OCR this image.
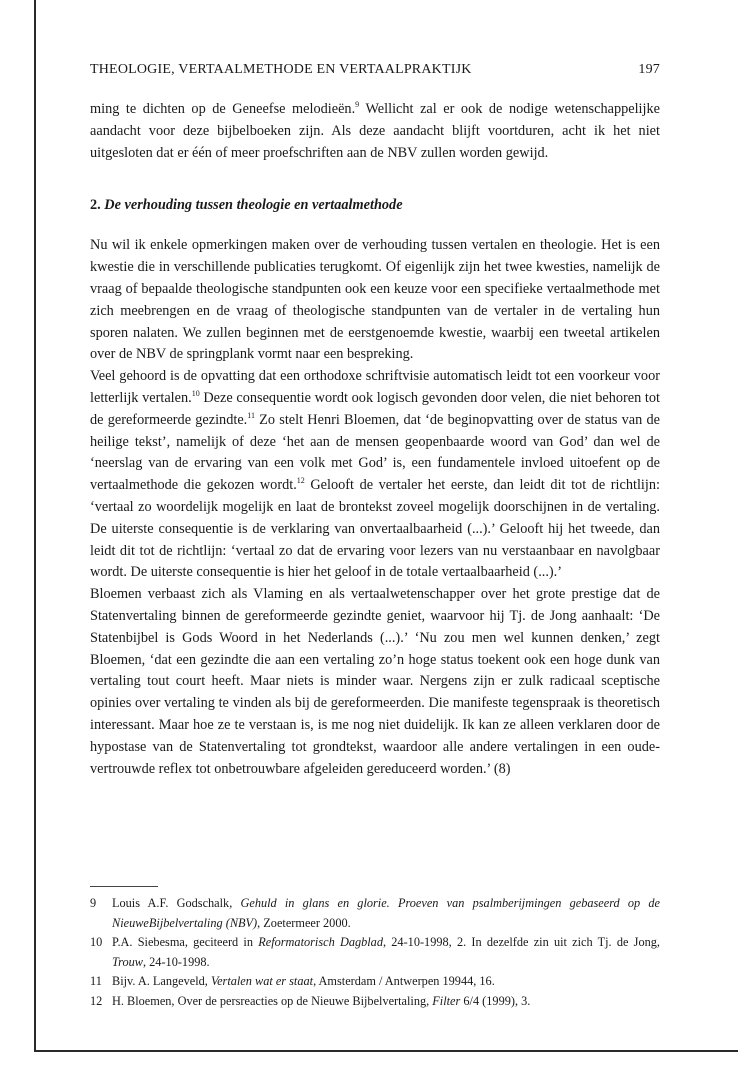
THEOLOGIE, VERTAALMETHODE EN VERTAALPRAKTIJK	197

ming te dichten op de Geneefse melodieën.$^9$ Wellicht zal er ook de nodige wetenschappelijke aandacht voor deze bijbelboeken zijn. Als deze aandacht blijft voortduren, acht ik het niet uitgesloten dat er één of meer proefschriften aan de NBV zullen worden gewijd.

2. De verhouding tussen theologie en vertaalmethode

Nu wil ik enkele opmerkingen maken over de verhouding tussen vertalen en theologie. Het is een kwestie die in verschillende publicaties terugkomt. Of eigenlijk zijn het twee kwesties, namelijk de vraag of bepaalde theologische standpunten ook een keuze voor een specifieke vertaalmethode met zich meebrengen en de vraag of theologische standpunten van de vertaler in de vertaling hun sporen nalaten. We zullen beginnen met de eerstgenoemde kwestie, waarbij een tweetal artikelen over de NBV de springplank vormt naar een bespreking.

Veel gehoord is de opvatting dat een orthodoxe schriftvisie automatisch leidt tot een voorkeur voor letterlijk vertalen.$^{10}$ Deze consequentie wordt ook logisch gevonden door velen, die niet behoren tot de gereformeerde gezindte.$^{11}$ Zo stelt Henri Bloemen, dat ‘de beginopvatting over de status van de heilige tekst’, namelijk of deze ‘het aan de mensen geopenbaarde woord van God’ dan wel de ‘neerslag van de ervaring van een volk met God’ is, een fundamentele invloed uitoefent op de vertaalmethode die gekozen wordt.$^{12}$ Gelooft de vertaler het eerste, dan leidt dit tot de richtlijn: ‘vertaal zo woordelijk mogelijk en laat de brontekst zoveel mogelijk doorschijnen in de vertaling. De uiterste consequentie is de verklaring van onvertaalbaarheid (...).’ Gelooft hij het tweede, dan leidt dit tot de richtlijn: ‘vertaal zo dat de ervaring voor lezers van nu verstaanbaar en navolgbaar wordt. De uiterste consequentie is hier het geloof in de totale vertaalbaarheid (...).’

Bloemen verbaast zich als Vlaming en als vertaalwetenschapper over het grote prestige dat de Statenvertaling binnen de gereformeerde gezindte geniet, waarvoor hij Tj. de Jong aanhaalt: ‘De Statenbijbel is Gods Woord in het Nederlands (...).’ ‘Nu zou men wel kunnen denken,’ zegt Bloemen, ‘dat een gezindte die aan een vertaling zo’n hoge status toekent ook een hoge dunk van vertaling tout court heeft. Maar niets is minder waar. Nergens zijn er zulk radicaal sceptische opinies over vertaling te vinden als bij de gereformeerden. Die manifeste tegenspraak is theoretisch interessant. Maar hoe ze te verstaan is, is me nog niet duidelijk. Ik kan ze alleen verklaren door de hypostase van de Statenvertaling tot grondtekst, waardoor alle andere vertalingen in een oude-vertrouwde reflex tot onbetrouwbare afgeleiden gereduceerd worden.’ (8)

9	Louis A.F. Godschalk, Gehuld in glans en glorie. Proeven van psalmberijmingen gebaseerd op de NieuweBijbelvertaling (NBV), Zoetermeer 2000.
10 P.A. Siebesma, geciteerd in Reformatorisch Dagblad, 24-10-1998, 2. In dezelfde zin uit zich Tj. de Jong, Trouw, 24-10-1998.
11 Bijv. A. Langeveld, Vertalen wat er staat, Amsterdam / Antwerpen 19944, 16.
12 H. Bloemen, Over de persreacties op de Nieuwe Bijbelvertaling, Filter 6/4 (1999), 3.
